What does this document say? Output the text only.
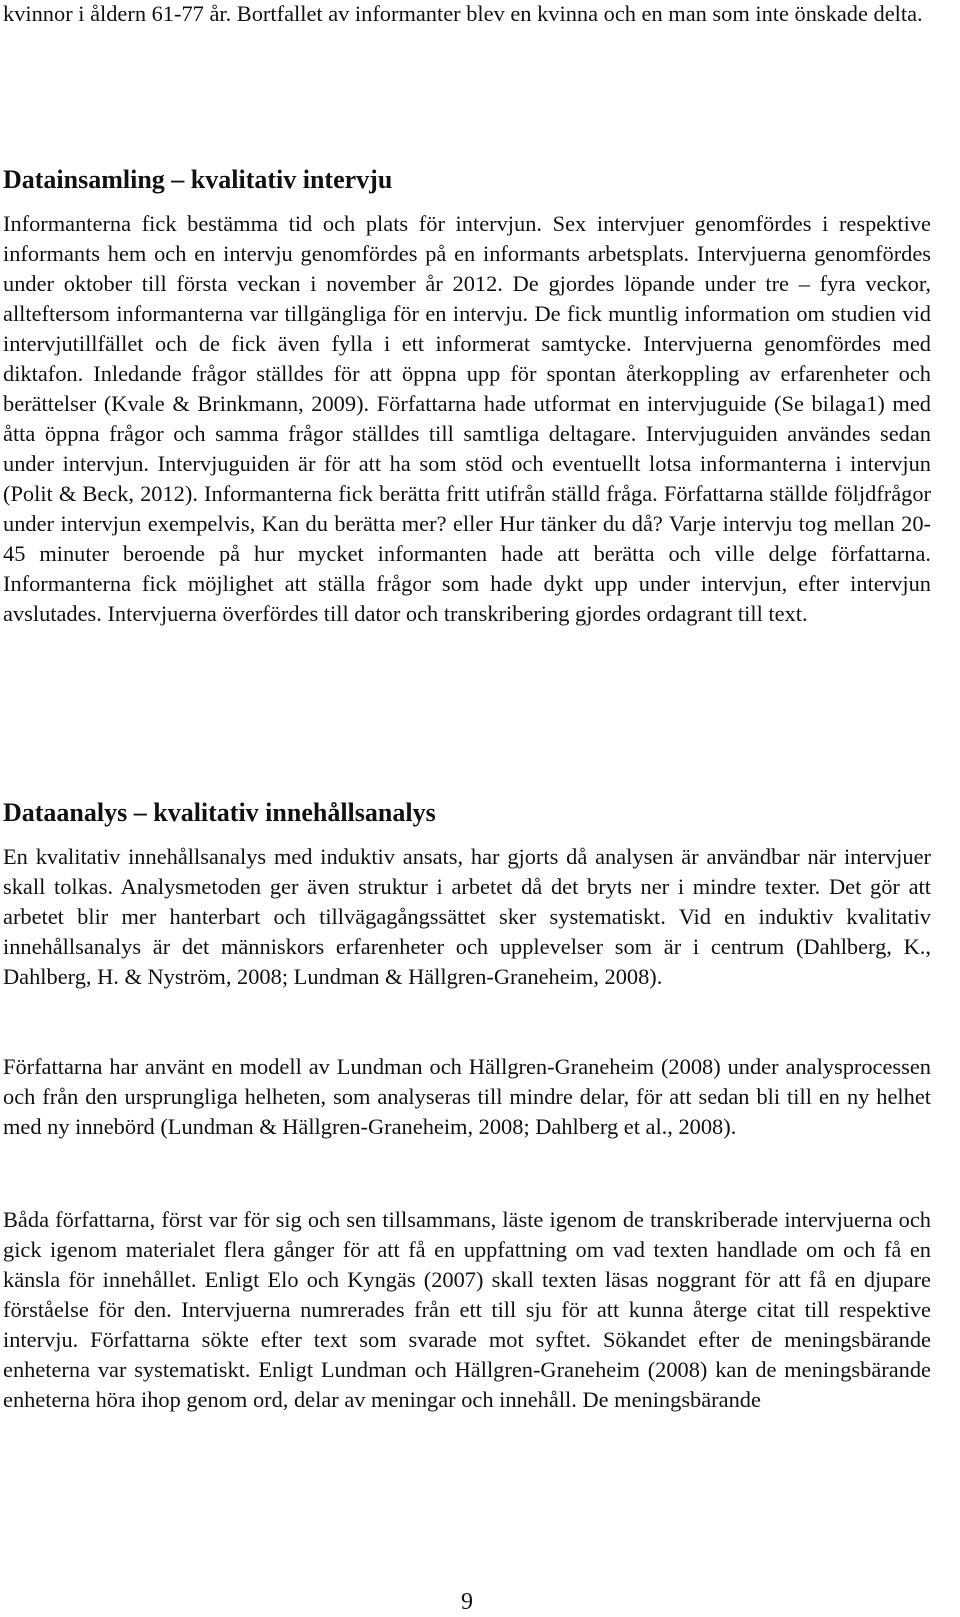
kvinnor i åldern 61-77 år. Bortfallet av informanter blev en kvinna och en man som inte önskade delta.

Datainsamling – kvalitativ intervju

Informanterna fick bestämma tid och plats för intervjun. Sex intervjuer genomfördes i respektive informants hem och en intervju genomfördes på en informants arbetsplats. Intervjuerna genomfördes under oktober till första veckan i november år 2012. De gjordes löpande under tre – fyra veckor, allteftersom informanterna var tillgängliga för en intervju. De fick muntlig information om studien vid intervjutillfället och de fick även fylla i ett informerat samtycke. Intervjuerna genomfördes med diktafon. Inledande frågor ställdes för att öppna upp för spontan återkoppling av erfarenheter och berättelser (Kvale & Brinkmann, 2009). Författarna hade utformat en intervjuguide (Se bilaga1) med åtta öppna frågor och samma frågor ställdes till samtliga deltagare. Intervjuguiden användes sedan under intervjun. Intervjuguiden är för att ha som stöd och eventuellt lotsa informanterna i intervjun (Polit & Beck, 2012). Informanterna fick berätta fritt utifrån ställd fråga. Författarna ställde följdfrågor under intervjun exempelvis, Kan du berätta mer? eller Hur tänker du då? Varje intervju tog mellan 20-45 minuter beroende på hur mycket informanten hade att berätta och ville delge författarna. Informanterna fick möjlighet att ställa frågor som hade dykt upp under intervjun, efter intervjun avslutades. Intervjuerna överfördes till dator och transkribering gjordes ordagrant till text.

Dataanalys – kvalitativ innehållsanalys

En kvalitativ innehållsanalys med induktiv ansats, har gjorts då analysen är användbar när intervjuer skall tolkas. Analysmetoden ger även struktur i arbetet då det bryts ner i mindre texter. Det gör att arbetet blir mer hanterbart och tillvägagångssättet sker systematiskt. Vid en induktiv kvalitativ innehållsanalys är det människors erfarenheter och upplevelser som är i centrum (Dahlberg, K., Dahlberg, H. & Nyström, 2008; Lundman & Hällgren-Graneheim, 2008).

Författarna har använt en modell av Lundman och Hällgren-Graneheim (2008) under analysprocessen och från den ursprungliga helheten, som analyseras till mindre delar, för att sedan bli till en ny helhet med ny innebörd (Lundman & Hällgren-Graneheim, 2008; Dahlberg et al., 2008).

Båda författarna, först var för sig och sen tillsammans, läste igenom de transkriberade intervjuerna och gick igenom materialet flera gånger för att få en uppfattning om vad texten handlade om och få en känsla för innehållet. Enligt Elo och Kyngäs (2007) skall texten läsas noggrant för att få en djupare förståelse för den. Intervjuerna numrerades från ett till sju för att kunna återge citat till respektive intervju. Författarna sökte efter text som svarade mot syftet. Sökandet efter de meningsbärande enheterna var systematiskt. Enligt Lundman och Hällgren-Graneheim (2008) kan de meningsbärande enheterna höra ihop genom ord, delar av meningar och innehåll. De meningsbärande

9
